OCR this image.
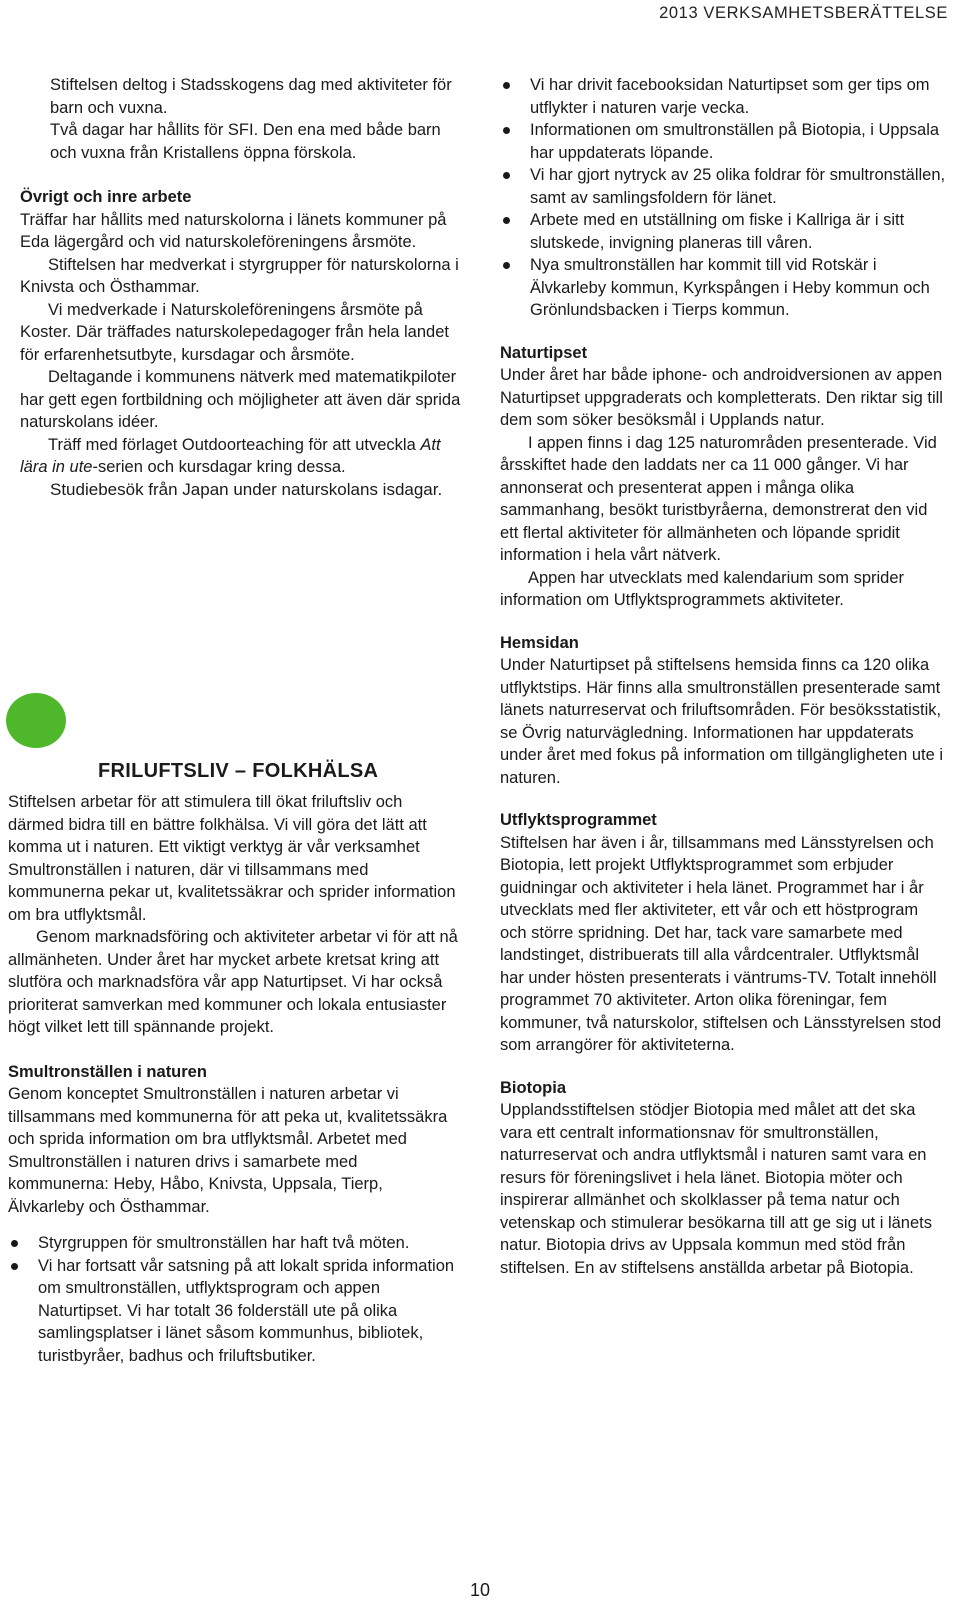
2013 VERKSAMHETSBERÄTTELSE

Stiftelsen deltog i Stadsskogens dag med aktiviteter för barn och vuxna.

Två dagar har hållits för SFI. Den ena med både barn och vuxna från Kristallens öppna förskola.

Övrigt och inre arbete

Träffar har hållits med naturskolorna i länets kommuner på Eda lägergård och vid naturskoleföreningens årsmöte.

Stiftelsen har medverkat i styrgrupper för naturskolorna i Knivsta och Östhammar.

Vi medverkade i Naturskoleföreningens årsmöte på Koster. Där träffades naturskolepedagoger från hela landet för erfarenhetsutbyte, kursdagar och årsmöte.

Deltagande i kommunens nätverk med matematikpiloter har gett egen fortbildning och möjligheter att även där sprida naturskolans idéer.

Träff med förlaget Outdoorteaching för att utveckla Att lära in ute-serien och kursdagar kring dessa.

Studiebesök från Japan under naturskolans isdagar.

FRILUFTSLIV – FOLKHÄLSA

Stiftelsen arbetar för att stimulera till ökat friluftsliv och därmed bidra till en bättre folkhälsa. Vi vill göra det lätt att komma ut i naturen. Ett viktigt verktyg är vår verksamhet Smultronställen i naturen, där vi tillsammans med kommunerna pekar ut, kvalitetssäkrar och sprider information om bra utflyktsmål.

Genom marknadsföring och aktiviteter arbetar vi för att nå allmänheten. Under året har mycket arbete kretsat kring att slutföra och marknadsföra vår app Naturtipset. Vi har också prioriterat samverkan med kommuner och lokala entusiaster högt vilket lett till spännande projekt.

Smultronställen i naturen

Genom konceptet Smultronställen i naturen arbetar vi tillsammans med kommunerna för att peka ut, kvalitetssäkra och sprida information om bra utflyktsmål. Arbetet med Smultronställen i naturen drivs i samarbete med kommunerna: Heby, Håbo, Knivsta, Uppsala, Tierp, Älvkarleby och Östhammar.

Styrgruppen för smultronställen har haft två möten.
Vi har fortsatt vår satsning på att lokalt sprida information om smultronställen, utflyktsprogram och appen Naturtipset. Vi har totalt 36 folderställ ute på olika samlingsplatser i länet såsom kommunhus, bibliotek, turistbyråer, badhus och friluftsbutiker.
Vi har drivit facebooksidan Naturtipset som ger tips om utflykter i naturen varje vecka.
Informationen om smultronställen på Biotopia, i Uppsala har uppdaterats löpande.
Vi har gjort nytryck av 25 olika foldrar för smultronställen, samt av samlingsfoldern för länet.
Arbete med en utställning om fiske i Kallriga är i sitt slutskede, invigning planeras till våren.
Nya smultronställen har kommit till vid Rotskär i Älvkarleby kommun, Kyrkspången i Heby kommun och Grönlundsbacken i Tierps kommun.

Naturtipset

Under året har både iphone- och androidversionen av appen Naturtipset uppgraderats och kompletterats. Den riktar sig till dem som söker besöksmål i Upplands natur.

I appen finns i dag 125 naturområden presenterade. Vid årsskiftet hade den laddats ner ca 11 000 gånger. Vi har annonserat och presenterat appen i många olika sammanhang, besökt turistbyråerna, demonstrerat den vid ett flertal aktiviteter för allmänheten och löpande spridit information i hela vårt nätverk.

Appen har utvecklats med kalendarium som sprider information om Utflyktsprogrammets aktiviteter.

Hemsidan

Under Naturtipset på stiftelsens hemsida finns ca 120 olika utflyktstips. Här finns alla smultronställen presenterade samt länets naturreservat och friluftsområden. För besöksstatistik, se Övrig naturvägledning. Informationen har uppdaterats under året med fokus på information om tillgängligheten ute i naturen.

Utflyktsprogrammet

Stiftelsen har även i år, tillsammans med Länsstyrelsen och Biotopia, lett projekt Utflyktsprogrammet som erbjuder guidningar och aktiviteter i hela länet. Programmet har i år utvecklats med fler aktiviteter, ett vår och ett höstprogram och större spridning. Det har, tack vare samarbete med landstinget, distribuerats till alla vårdcentraler. Utflyktsmål har under hösten presenterats i väntrums-TV. Totalt innehöll programmet 70 aktiviteter. Arton olika föreningar, fem kommuner, två naturskolor, stiftelsen och Länsstyrelsen stod som arrangörer för aktiviteterna.

Biotopia

Upplandsstiftelsen stödjer Biotopia med målet att det ska vara ett centralt informationsnav för smultronställen, naturreservat och andra utflyktsmål i naturen samt vara en resurs för föreningslivet i hela länet. Biotopia möter och inspirerar allmänhet och skolklasser på tema natur och vetenskap och stimulerar besökarna till att ge sig ut i länets natur. Biotopia drivs av Uppsala kommun med stöd från stiftelsen. En av stiftelsens anställda arbetar på Biotopia.

10
